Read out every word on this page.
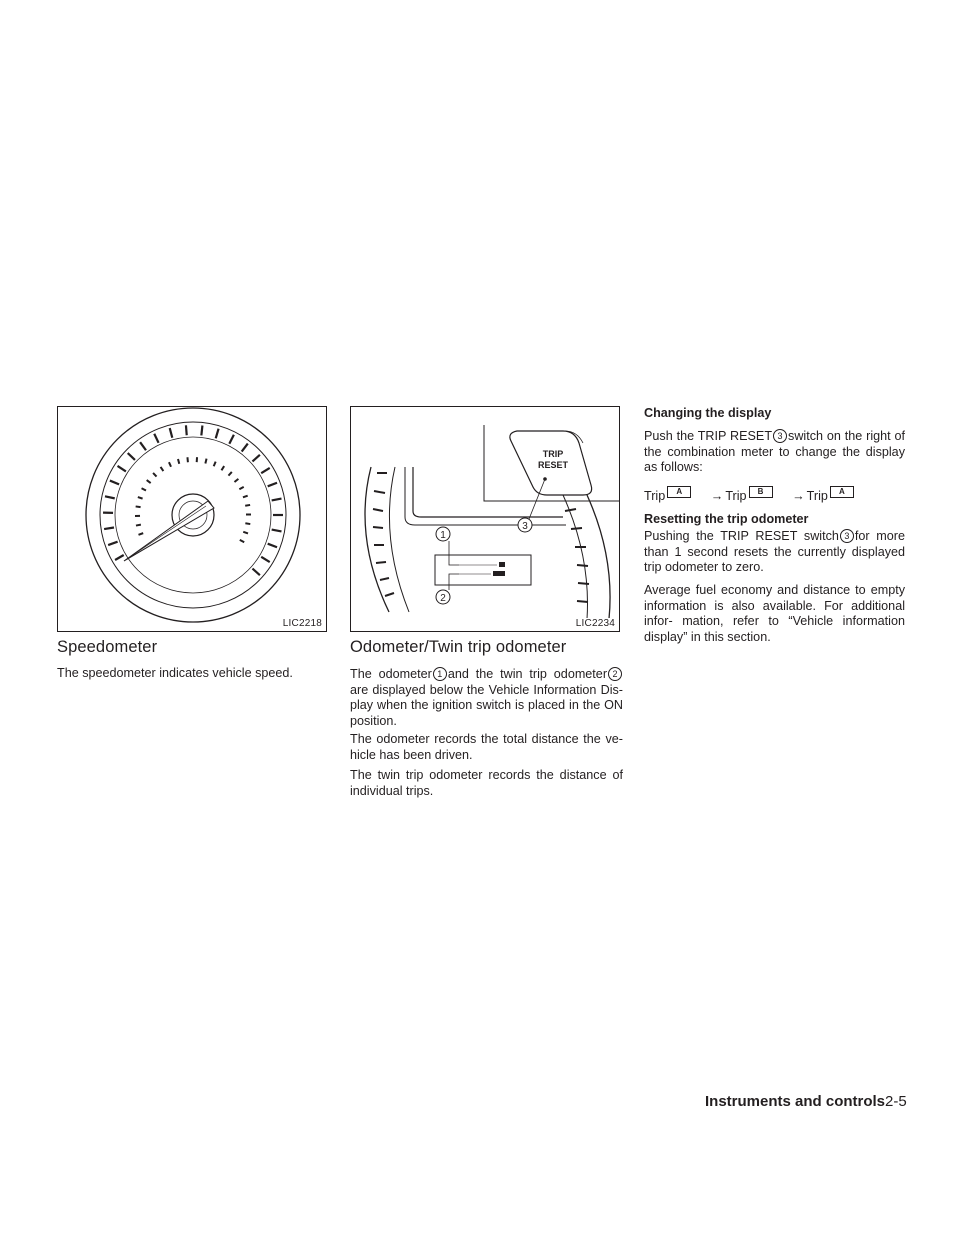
LIC2218
TRIP
RESET
3
1
2
LIC2234
Speedometer

The speedometer indicates vehicle speed.

Odometer/Twin trip odometer

The odometer 1 and the twin trip odometer 2 are displayed below the Vehicle Information Dis- play when the ignition switch is placed in the ON position.

The odometer records the total distance the ve- hicle has been driven.

The twin trip odometer records the distance of individual trips.

Changing the display

Push the TRIP RESET 3 switch on the right of the combination meter to change the display as follows:

Trip A → Trip B → Trip A
Resetting the trip odometer

Pushing the TRIP RESET switch 3 for more than 1 second resets the currently displayed trip odometer to zero.

Average fuel economy and distance to empty information is also available. For additional infor- mation, refer to “Vehicle information display” in this section.

Instruments and controls 2-5
